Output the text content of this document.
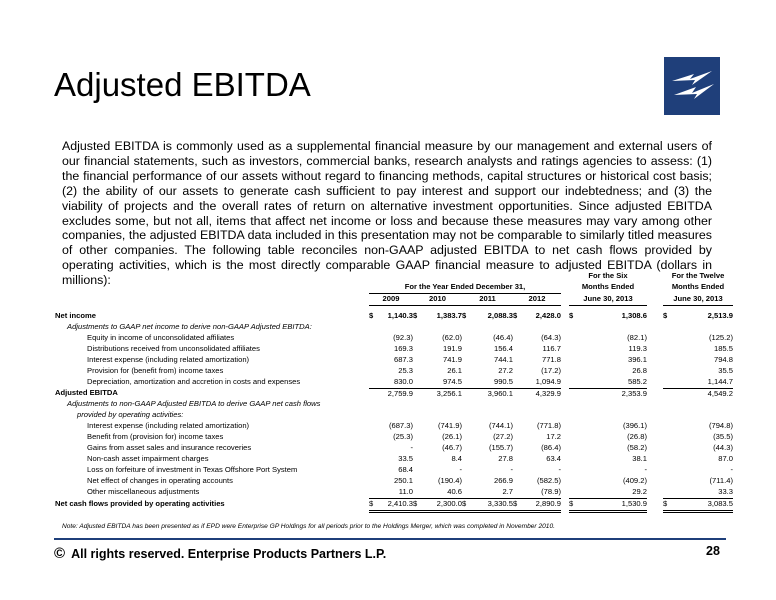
Adjusted EBITDA
Adjusted EBITDA is commonly used as a supplemental financial measure by our management and external users of our financial statements, such as investors, commercial banks, research analysts and ratings agencies to assess: (1) the financial performance of our assets without regard to financing methods, capital structures or historical cost basis; (2) the ability of our assets to generate cash sufficient to pay interest and support our indebtedness; and (3) the viability of projects and the overall rates of return on alternative investment opportunities. Since adjusted EBITDA excludes some, but not all, items that affect net income or loss and because these measures may vary among other companies, the adjusted EBITDA data included in this presentation may not be comparable to similarly titled measures of other companies. The following table reconciles non-GAAP adjusted EBITDA to net cash flows provided by operating activities, which is the most directly comparable GAAP financial measure to adjusted EBITDA (dollars in millions):
										For the Six			For the Twelve	
	For the Year Ended December 31,									Months Ended			Months Ended	
	2009		2010		2011		2012			June 30, 2013			June 30, 2013	

Net income	$	1,140.3	$	1,383.7	$	2,088.3	$	2,428.0		$	1,308.6		$	2,513.9
Adjustments to GAAP net income to derive non-GAAP Adjusted EBITDA:														
Equity in income of unconsolidated affiliates		(92.3)		(62.0)		(46.4)		(64.3)			(82.1)			(125.2)
Distributions received from unconsolidated affiliates		169.3		191.9		156.4		116.7			119.3			185.5
Interest expense (including related amortization)		687.3		741.9		744.1		771.8			396.1			794.8
Provision for (benefit from) income taxes		25.3		26.1		27.2		(17.2)			26.8			35.5
Depreciation, amortization and accretion in costs and expenses		830.0		974.5		990.5		1,094.9			585.2			1,144.7
Adjusted EBITDA		2,759.9		3,256.1		3,960.1		4,329.9			2,353.9			4,549.2
Adjustments to non-GAAP Adjusted EBITDA to derive GAAP net cash flows														
provided by operating activities:														
Interest expense (including related amortization)		(687.3)		(741.9)		(744.1)		(771.8)			(396.1)			(794.8)
Benefit from (provision for) income taxes		(25.3)		(26.1)		(27.2)		17.2			(26.8)			(35.5)
Gains from asset sales and insurance recoveries		-		(46.7)		(155.7)		(86.4)			(58.2)			(44.3)
Non-cash asset impairment charges		33.5		8.4		27.8		63.4			38.1			87.0
Loss on forfeiture of investment in Texas Offshore Port System		68.4		-		-		-			-			-
Net effect of changes in operating accounts		250.1		(190.4)		266.9		(582.5)			(409.2)			(711.4)
Other miscellaneous adjustments		11.0		40.6		2.7		(78.9)			29.2			33.3
Net cash flows provided by operating activities	$	2,410.3	$	2,300.0	$	3,330.5	$	2,890.9		$	1,530.9		$	3,083.5
Note: Adjusted EBITDA has been presented as if EPD were Enterprise GP Holdings for all periods prior to the Holdings Merger, which was completed in November 2010.
© All rights reserved. Enterprise Products Partners L.P.	28
